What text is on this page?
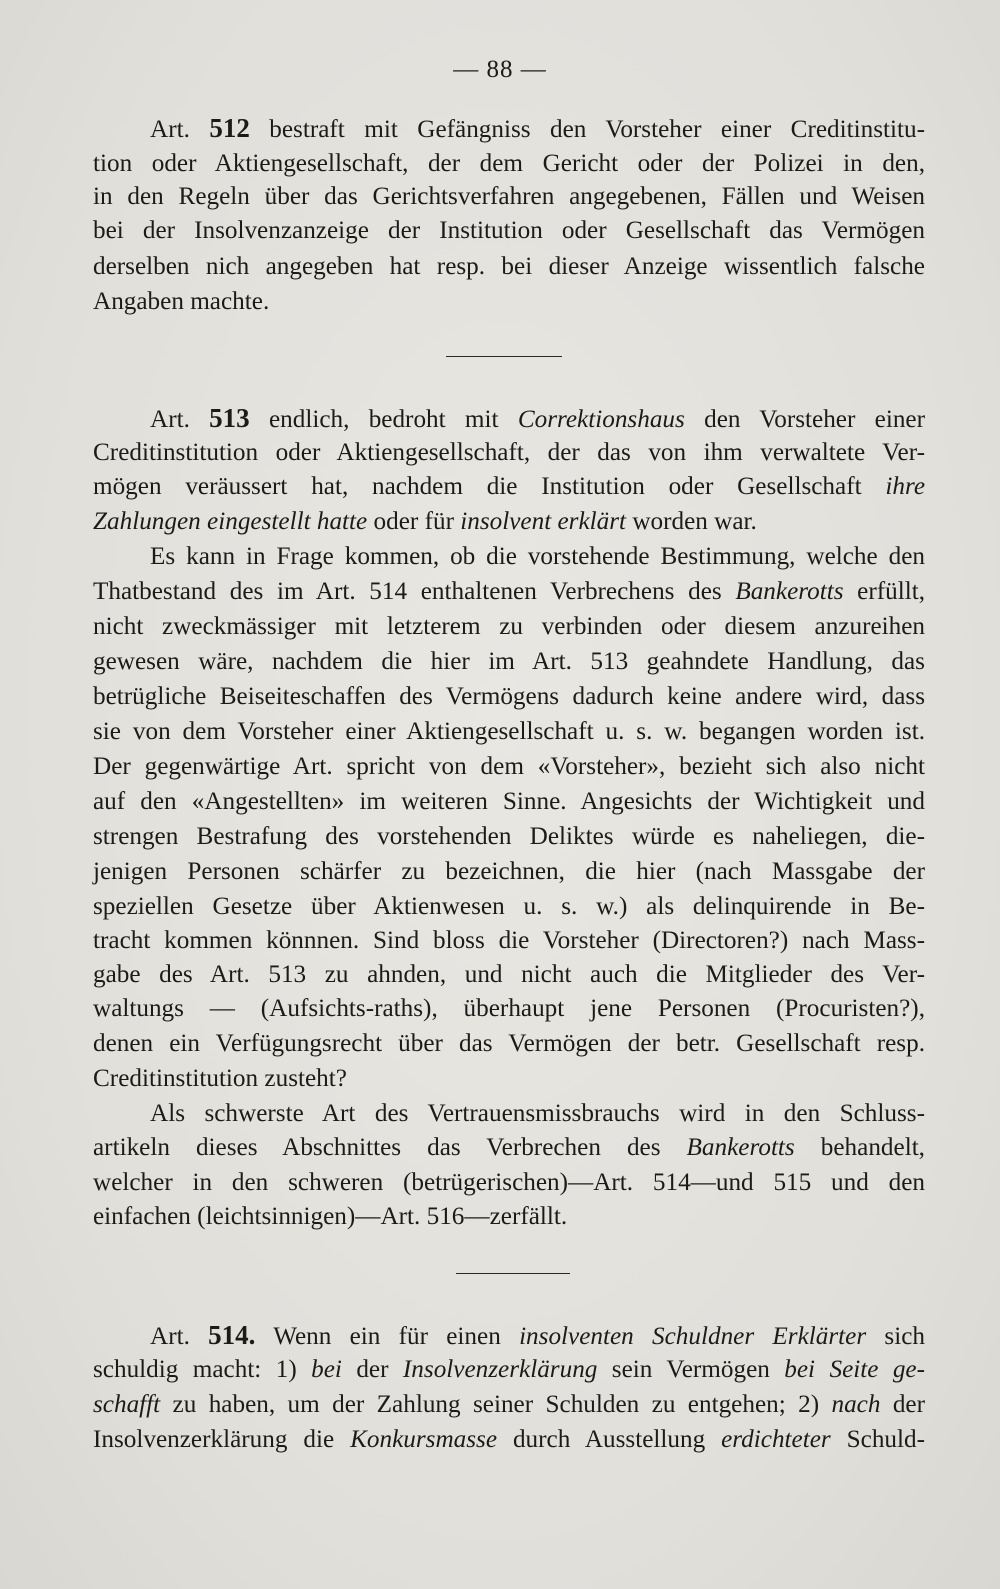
— 88 —
Art. 512 bestraft mit Gefängniss den Vorsteher einer Creditinstitu-
tion oder Aktiengesellschaft, der dem Gericht oder der Polizei in den,
in den Regeln über das Gerichtsverfahren angegebenen, Fällen und Weisen
bei der Insolvenzanzeige der Institution oder Gesellschaft das Vermögen
derselben nich angegeben hat resp. bei dieser Anzeige wissentlich falsche
Angaben machte.
Art. 513 endlich, bedroht mit Correktionshaus den Vorsteher einer
Creditinstitution oder Aktiengesellschaft, der das von ihm verwaltete Ver-
mögen veräussert hat, nachdem die Institution oder Gesellschaft ihre
Zahlungen eingestellt hatte oder für insolvent erklärt worden war.
Es kann in Frage kommen, ob die vorstehende Bestimmung, welche den
Thatbestand des im Art. 514 enthaltenen Verbrechens des Bankerotts erfüllt,
nicht zweckmässiger mit letzterem zu verbinden oder diesem anzureihen
gewesen wäre, nachdem die hier im Art. 513 geahndete Handlung, das
betrügliche Beiseiteschaffen des Vermögens dadurch keine andere wird, dass
sie von dem Vorsteher einer Aktiengesellschaft u. s. w. begangen worden ist.
Der gegenwärtige Art. spricht von dem «Vorsteher», bezieht sich also nicht
auf den «Angestellten» im weiteren Sinne. Angesichts der Wichtigkeit und
strengen Bestrafung des vorstehenden Deliktes würde es naheliegen, die-
jenigen Personen schärfer zu bezeichnen, die hier (nach Massgabe der
speziellen Gesetze über Aktienwesen u. s. w.) als delinquirende in Be-
tracht kommen könnnen. Sind bloss die Vorsteher (Directoren?) nach Mass-
gabe des Art. 513 zu ahnden, und nicht auch die Mitglieder des Ver-
waltungs — (Aufsichts-raths), überhaupt jene Personen (Procuristen?),
denen ein Verfügungsrecht über das Vermögen der betr. Gesellschaft resp.
Creditinstitution zusteht?
Als schwerste Art des Vertrauensmissbrauchs wird in den Schluss-
artikeln dieses Abschnittes das Verbrechen des Bankerotts behandelt,
welcher in den schweren (betrügerischen)—Art. 514—und 515 und den
einfachen (leichtsinnigen)—Art. 516—zerfällt.
Art. 514. Wenn ein für einen insolventen Schuldner Erklärter sich
schuldig macht: 1) bei der Insolvenzerklärung sein Vermögen bei Seite ge-
schafft zu haben, um der Zahlung seiner Schulden zu entgehen; 2) nach der
Insolvenzerklärung die Konkursmasse durch Ausstellung erdichteter Schuld-
